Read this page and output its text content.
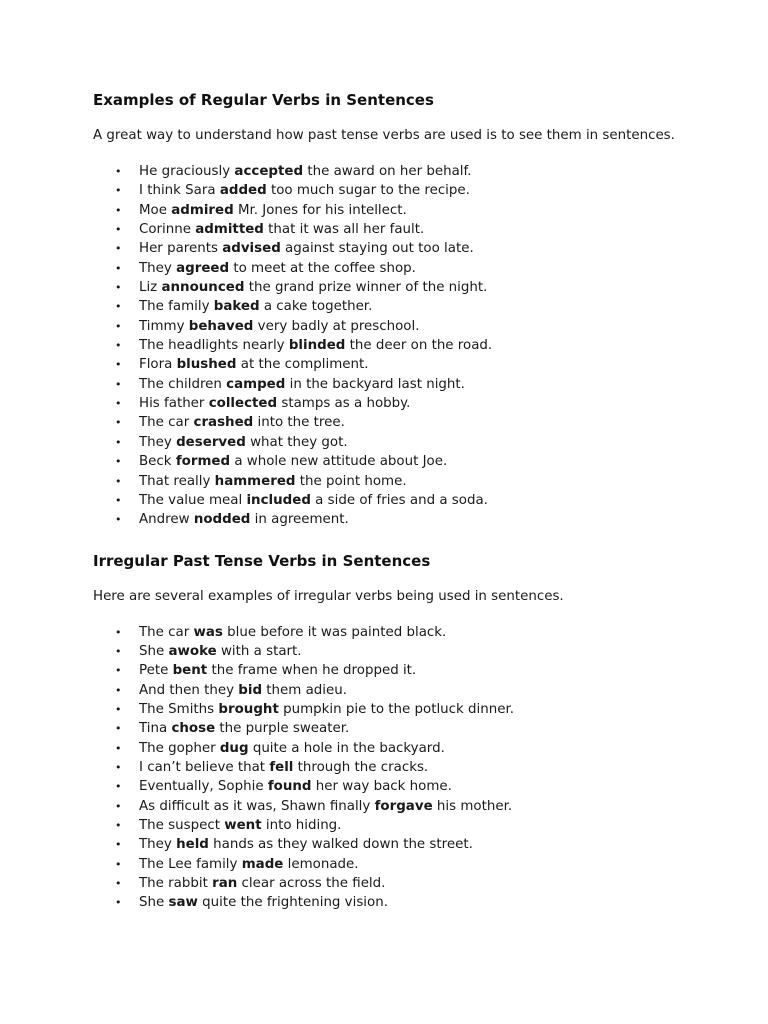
Examples of Regular Verbs in Sentences

A great way to understand how past tense verbs are used is to see them in sentences.

• He graciously accepted the award on her behalf.
• I think Sara added too much sugar to the recipe.
• Moe admired Mr. Jones for his intellect.
• Corinne admitted that it was all her fault.
• Her parents advised against staying out too late.
• They agreed to meet at the coffee shop.
• Liz announced the grand prize winner of the night.
• The family baked a cake together.
• Timmy behaved very badly at preschool.
• The headlights nearly blinded the deer on the road.
• Flora blushed at the compliment.
• The children camped in the backyard last night.
• His father collected stamps as a hobby.
• The car crashed into the tree.
• They deserved what they got.
• Beck formed a whole new attitude about Joe.
• That really hammered the point home.
• The value meal included a side of fries and a soda.
• Andrew nodded in agreement.
Irregular Past Tense Verbs in Sentences

Here are several examples of irregular verbs being used in sentences.

• The car was blue before it was painted black.
• She awoke with a start.
• Pete bent the frame when he dropped it.
• And then they bid them adieu.
• The Smiths brought pumpkin pie to the potluck dinner.
• Tina chose the purple sweater.
• The gopher dug quite a hole in the backyard.
• I can’t believe that fell through the cracks.
• Eventually, Sophie found her way back home.
• As difficult as it was, Shawn finally forgave his mother.
• The suspect went into hiding.
• They held hands as they walked down the street.
• The Lee family made lemonade.
• The rabbit ran clear across the field.
• She saw quite the frightening vision.
